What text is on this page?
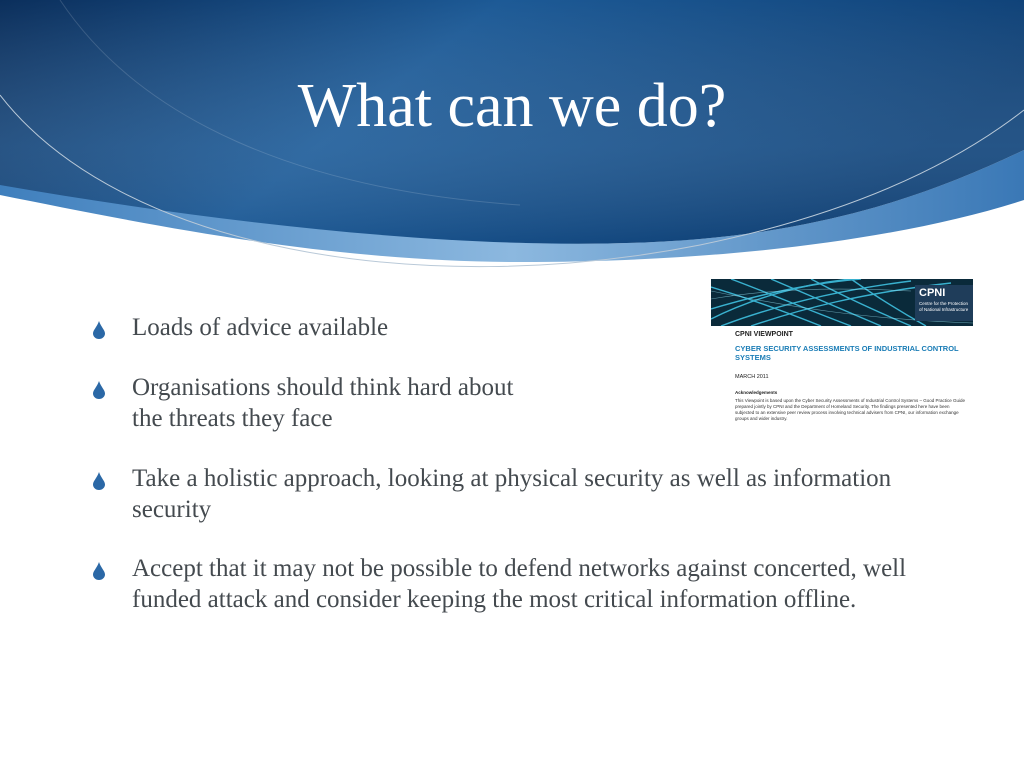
What can we do?
Loads of advice available
Organisations should think hard about
the threats they face
Take a holistic approach, looking at physical security as well as information security
Accept that it may not be possible to defend networks against concerted, well funded attack and consider keeping the most critical information offline.
CPNI
Centre for the Protection of National Infrastructure

CPNI VIEWPOINT

CYBER SECURITY ASSESSMENTS OF INDUSTRIAL CONTROL SYSTEMS

MARCH 2011

Acknowledgements

This Viewpoint is based upon the Cyber Security Assessments of Industrial Control Systems – Good Practice Guide prepared jointly by CPNI and the Department of Homeland Security. The findings presented here have been subjected to an extensive peer review process involving technical advisers from CPNI, our information exchange groups and wider industry.
